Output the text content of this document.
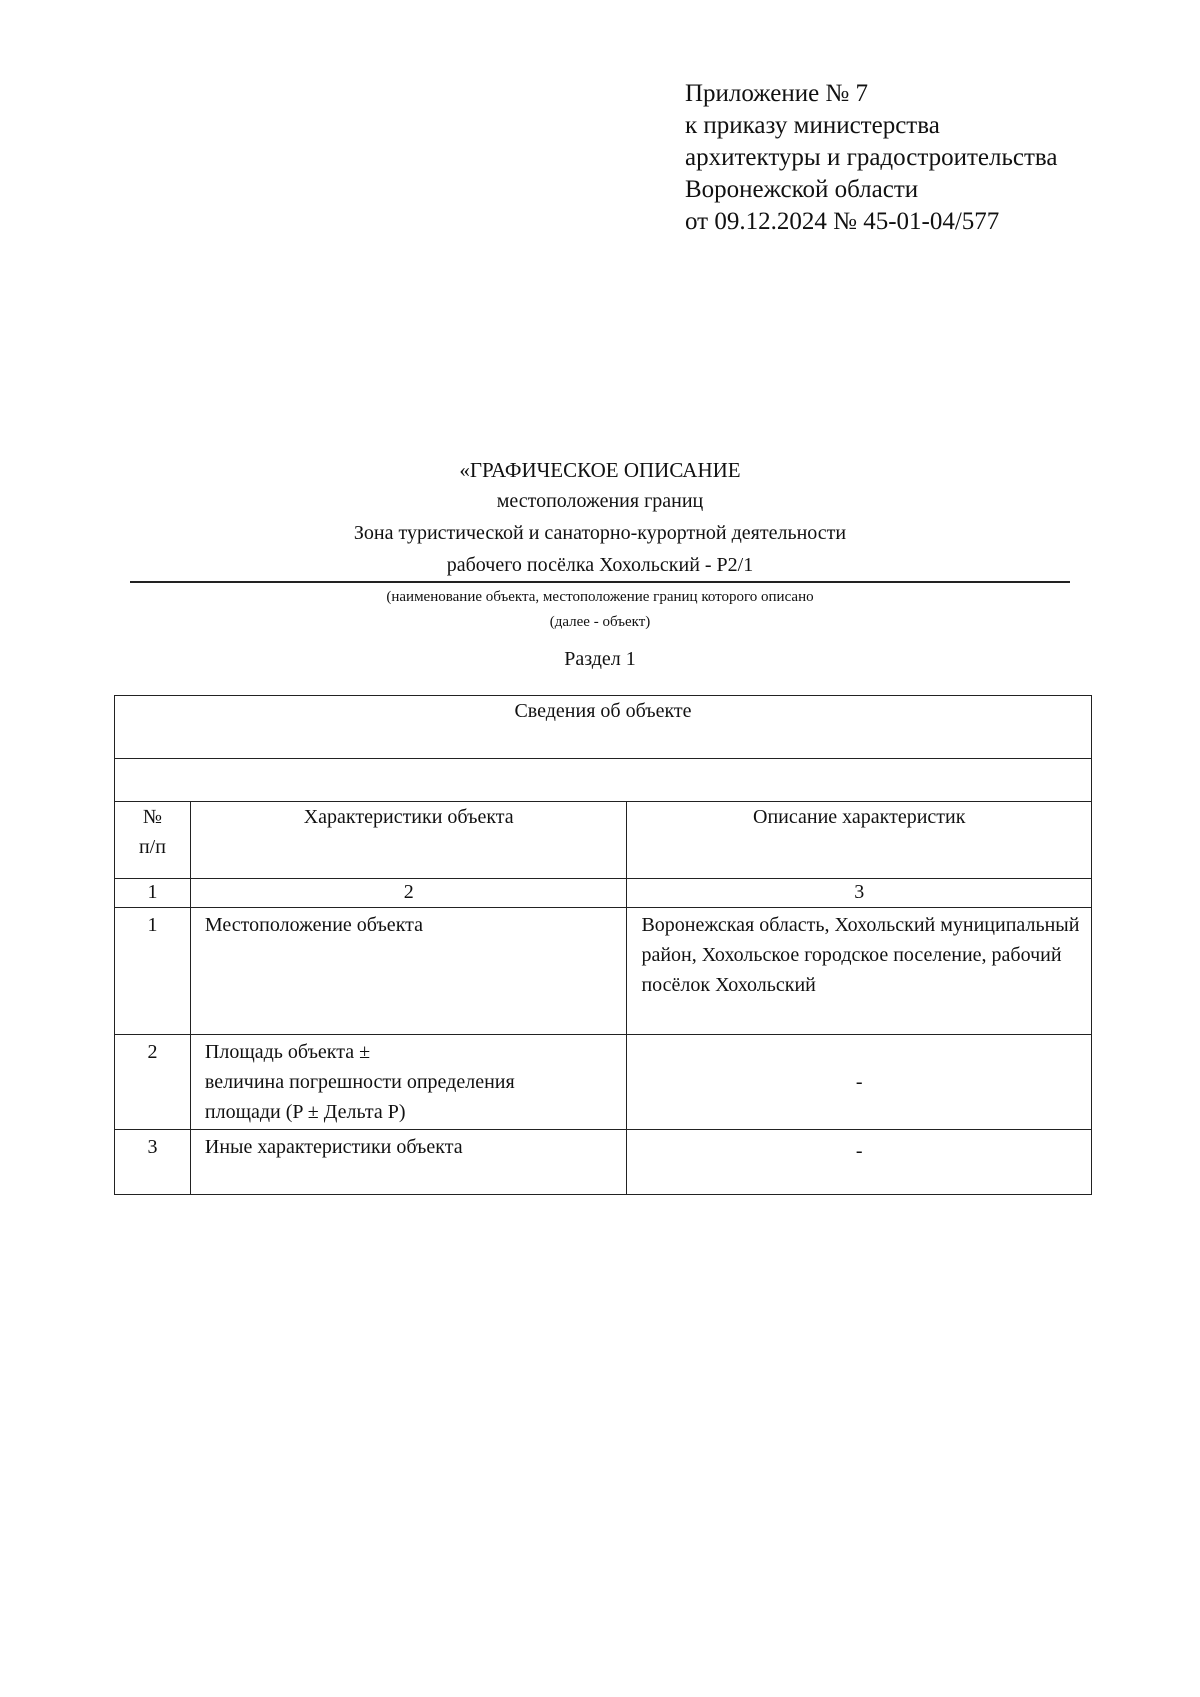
Приложение № 7
к приказу министерства
архитектуры и градостроительства
Воронежской области
от 09.12.2024 № 45-01-04/577
«ГРАФИЧЕСКОЕ ОПИСАНИЕ
местоположения границ
Зона туристической и санаторно-курортной деятельности
рабочего посёлка Хохольский - Р2/1
(наименование объекта, местоположение границ которого описано
(далее - объект)
Раздел 1
Сведения об объекте		

№
п/п	Характеристики объекта	Описание характеристик
1	2	3
1	Местоположение объекта	Воронежская область, Хохольский муниципальный район, Хохольское городское поселение, рабочий посёлок Хохольский
2	Площадь объекта ±
величина погрешности определения
площади (P ± Дельта P)	-
3	Иные характеристики объекта	-
